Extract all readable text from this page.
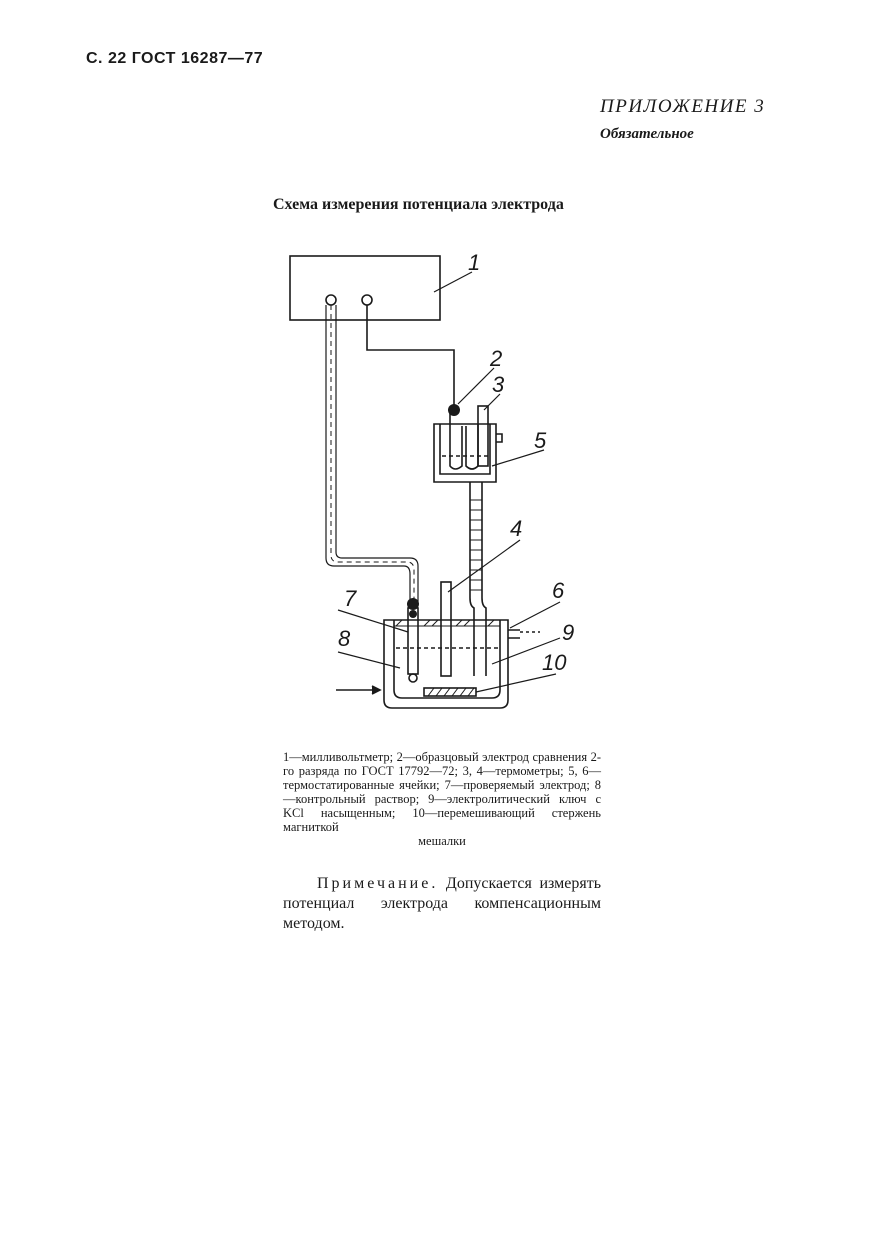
С. 22 ГОСТ 16287—77
ПРИЛОЖЕНИЕ 3
Обязательное
Схема измерения потенциала электрода
1
2
3
5
4
6
7
9
8
10
1—милливольтметр; 2—образцовый электрод сравнения 2-го разряда по ГОСТ 17792—72; 3, 4—термометры; 5, 6—термостатированные ячейки; 7—проверяемый электрод; 8—контрольный раствор; 9—электролитический ключ с KCl насыщенным; 10—перемешивающий стержень магниткой
мешалки
Примечание. Допускается измерять потенциал электрода компенсационным методом.
